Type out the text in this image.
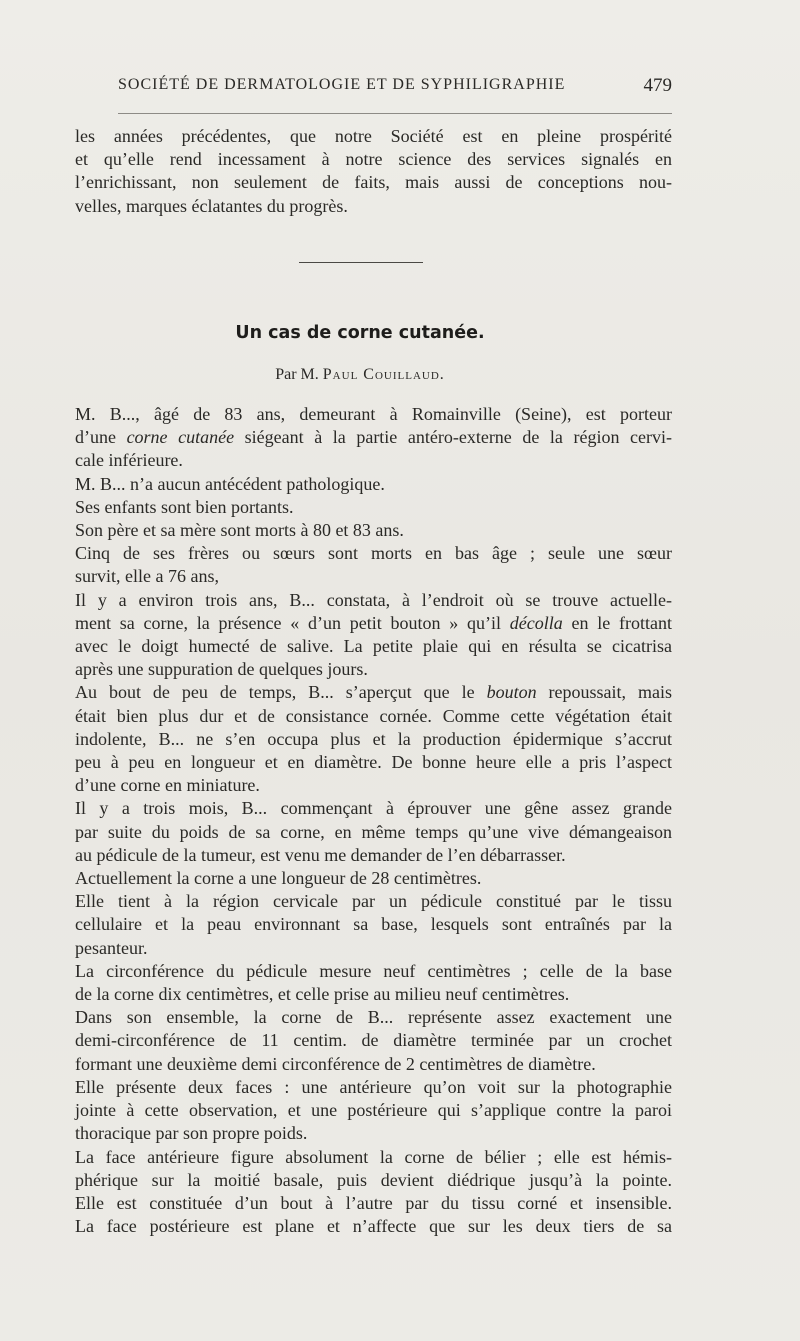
SOCIÉTÉ DE DERMATOLOGIE ET DE SYPHILIGRAPHIE	479
les années précédentes, que notre Société est en pleine prospérité
et qu’elle rend incessament à notre science des services signalés en
l’enrichissant, non seulement de faits, mais aussi de conceptions nou-
velles, marques éclatantes du progrès.
Un cas de corne cutanée.
Par M. Paul Couillaud.
M. B..., âgé de 83 ans, demeurant à Romainville (Seine), est porteur
d’une corne cutanée siégeant à la partie antéro-externe de la région cervi-
cale inférieure.
M. B... n’a aucun antécédent pathologique.
Ses enfants sont bien portants.
Son père et sa mère sont morts à 80 et 83 ans.
Cinq de ses frères ou sœurs sont morts en bas âge ; seule une sœur
survit, elle a 76 ans,
Il y a environ trois ans, B... constata, à l’endroit où se trouve actuelle-
ment sa corne, la présence « d’un petit bouton » qu’il décolla en le frottant
avec le doigt humecté de salive. La petite plaie qui en résulta se cicatrisa
après une suppuration de quelques jours.
Au bout de peu de temps, B... s’aperçut que le bouton repoussait, mais
était bien plus dur et de consistance cornée. Comme cette végétation était
indolente, B... ne s’en occupa plus et la production épidermique s’accrut
peu à peu en longueur et en diamètre. De bonne heure elle a pris l’aspect
d’une corne en miniature.
Il y a trois mois, B... commençant à éprouver une gêne assez grande
par suite du poids de sa corne, en même temps qu’une vive démangeaison
au pédicule de la tumeur, est venu me demander de l’en débarrasser.
Actuellement la corne a une longueur de 28 centimètres.
Elle tient à la région cervicale par un pédicule constitué par le tissu
cellulaire et la peau environnant sa base, lesquels sont entraînés par la
pesanteur.
La circonférence du pédicule mesure neuf centimètres ; celle de la base
de la corne dix centimètres, et celle prise au milieu neuf centimètres.
Dans son ensemble, la corne de B... représente assez exactement une
demi-circonférence de 11 centim. de diamètre terminée par un crochet
formant une deuxième demi circonférence de 2 centimètres de diamètre.
Elle présente deux faces : une antérieure qu’on voit sur la photographie
jointe à cette observation, et une postérieure qui s’applique contre la paroi
thoracique par son propre poids.
La face antérieure figure absolument la corne de bélier ; elle est hémis-
phérique sur la moitié basale, puis devient diédrique jusqu’à la pointe.
Elle est constituée d’un bout à l’autre par du tissu corné et insensible.
La face postérieure est plane et n’affecte que sur les deux tiers de sa
